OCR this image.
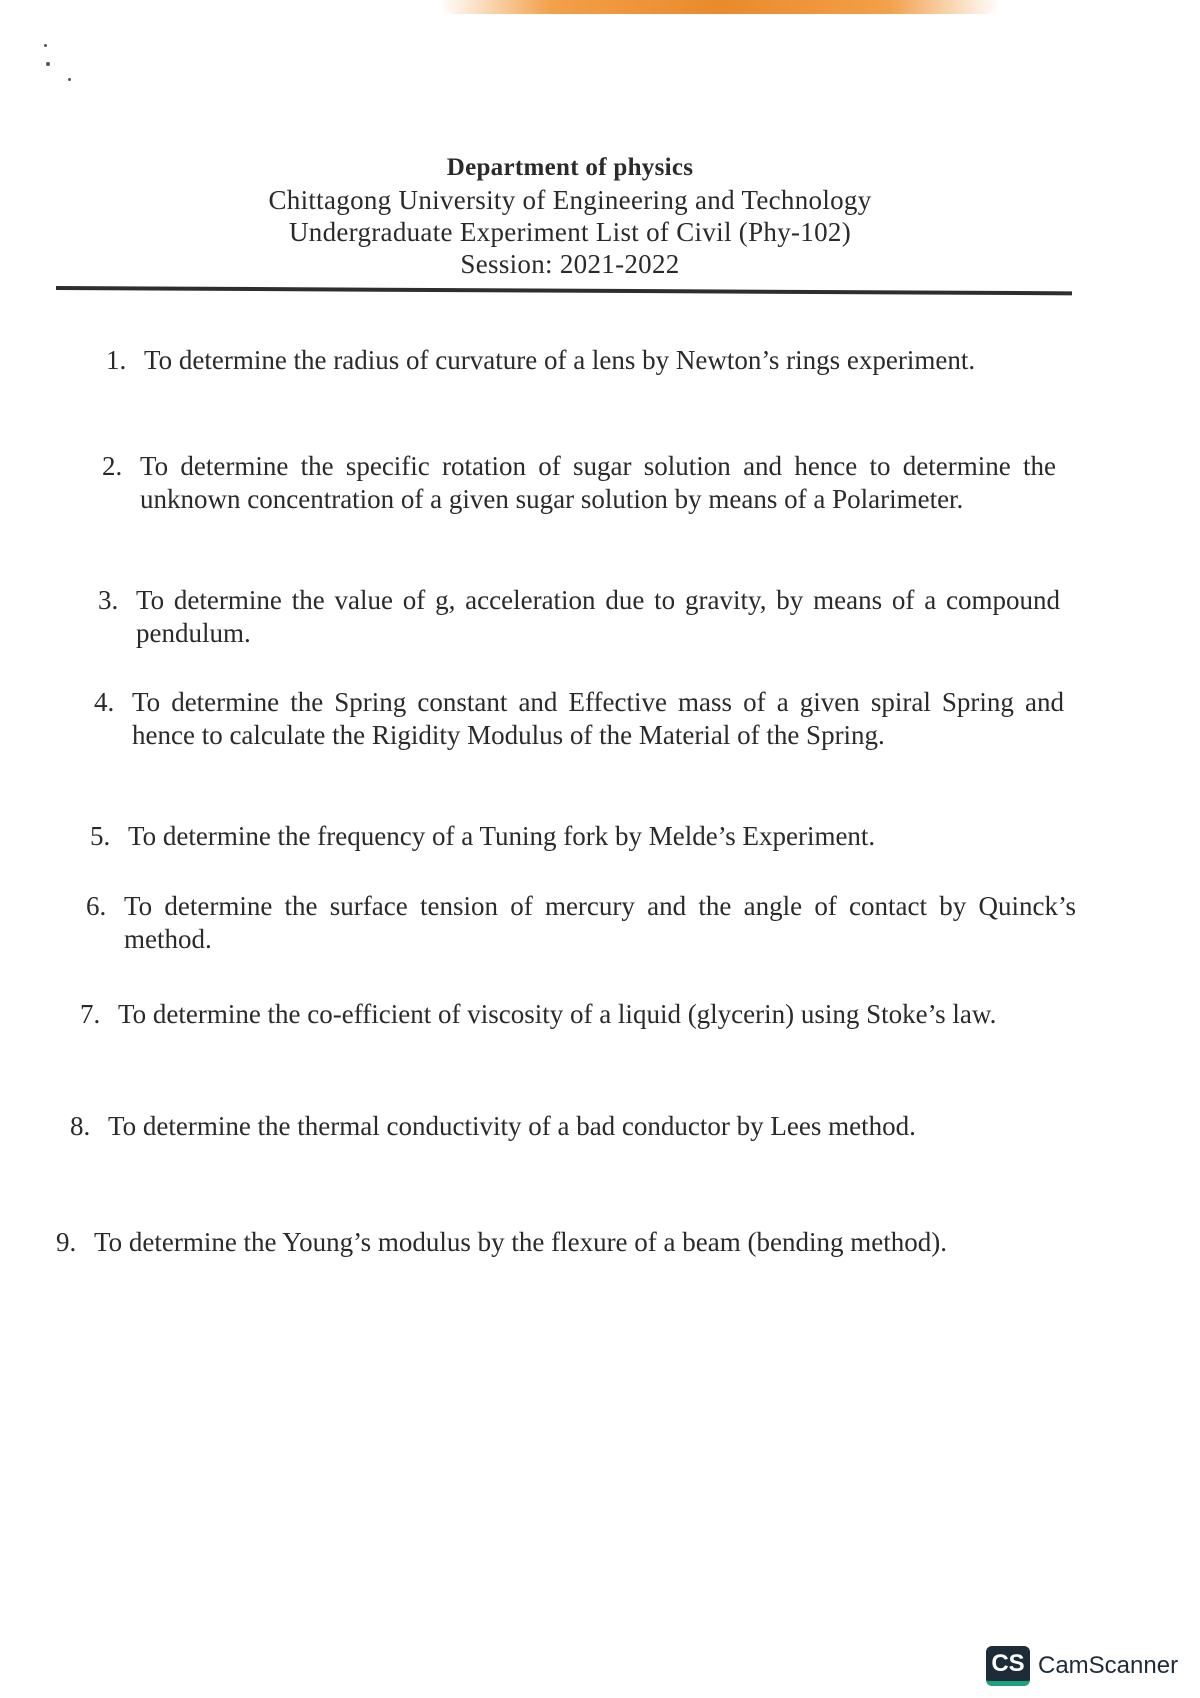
Department of physics
Chittagong University of Engineering and Technology
Undergraduate Experiment List of Civil (Phy-102)
Session: 2021-2022
1. To determine the radius of curvature of a lens by Newton’s rings experiment.
2. To determine the specific rotation of sugar solution and hence to determine the unknown concentration of a given sugar solution by means of a Polarimeter.
3. To determine the value of g, acceleration due to gravity, by means of a compound pendulum.
4. To determine the Spring constant and Effective mass of a given spiral Spring and hence to calculate the Rigidity Modulus of the Material of the Spring.
5. To determine the frequency of a Tuning fork by Melde’s Experiment.
6. To determine the surface tension of mercury and the angle of contact by Quinck’s method.
7. To determine the co-efficient of viscosity of a liquid (glycerin) using Stoke’s law.
8. To determine the thermal conductivity of a bad conductor by Lees method.
9. To determine the Young’s modulus by the flexure of a beam (bending method).
CS CamScanner
